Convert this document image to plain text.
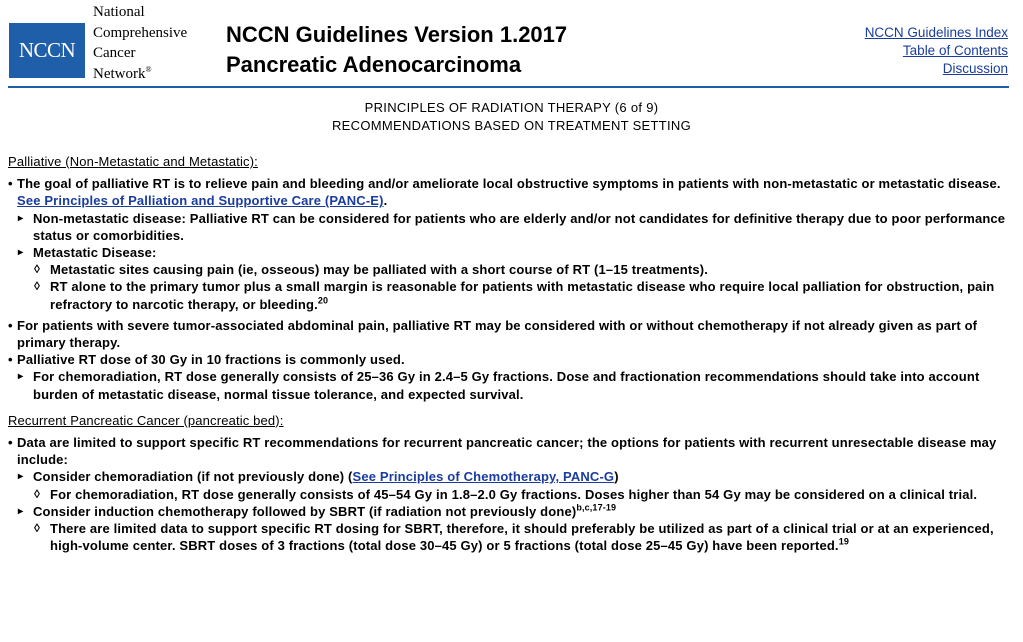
NCCN
National
Comprehensive
Cancer
Network®
NCCN Guidelines Version 1.2017
Pancreatic Adenocarcinoma
NCCN Guidelines Index
Table of Contents
Discussion
PRINCIPLES OF RADIATION THERAPY (6 of 9)
RECOMMENDATIONS BASED ON TREATMENT SETTING
Palliative (Non-Metastatic and Metastatic):
• The goal of palliative RT is to relieve pain and bleeding and/or ameliorate local obstructive symptoms in patients with non-metastatic or metastatic disease. See Principles of Palliation and Supportive Care (PANC-E).
▸ Non-metastatic disease: Palliative RT can be considered for patients who are elderly and/or not candidates for definitive therapy due to poor performance status or comorbidities.
▸ Metastatic Disease:
◊ Metastatic sites causing pain (ie, osseous) may be palliated with a short course of RT (1–15 treatments).
◊ RT alone to the primary tumor plus a small margin is reasonable for patients with metastatic disease who require local palliation for obstruction, pain refractory to narcotic therapy, or bleeding.$^{20}$
• For patients with severe tumor-associated abdominal pain, palliative RT may be considered with or without chemotherapy if not already given as part of primary therapy.
• Palliative RT dose of 30 Gy in 10 fractions is commonly used.
▸ For chemoradiation, RT dose generally consists of 25–36 Gy in 2.4–5 Gy fractions. Dose and fractionation recommendations should take into account burden of metastatic disease, normal tissue tolerance, and expected survival.
Recurrent Pancreatic Cancer (pancreatic bed):
• Data are limited to support specific RT recommendations for recurrent pancreatic cancer; the options for patients with recurrent unresectable disease may include:
▸ Consider chemoradiation (if not previously done) (See Principles of Chemotherapy, PANC-G)
◊ For chemoradiation, RT dose generally consists of 45–54 Gy in 1.8–2.0 Gy fractions. Doses higher than 54 Gy may be considered on a clinical trial.
▸ Consider induction chemotherapy followed by SBRT (if radiation not previously done)$^{b,c,17-19}$
◊ There are limited data to support specific RT dosing for SBRT, therefore, it should preferably be utilized as part of a clinical trial or at an experienced, high-volume center. SBRT doses of 3 fractions (total dose 30–45 Gy) or 5 fractions (total dose 25–45 Gy) have been reported.$^{19}$
